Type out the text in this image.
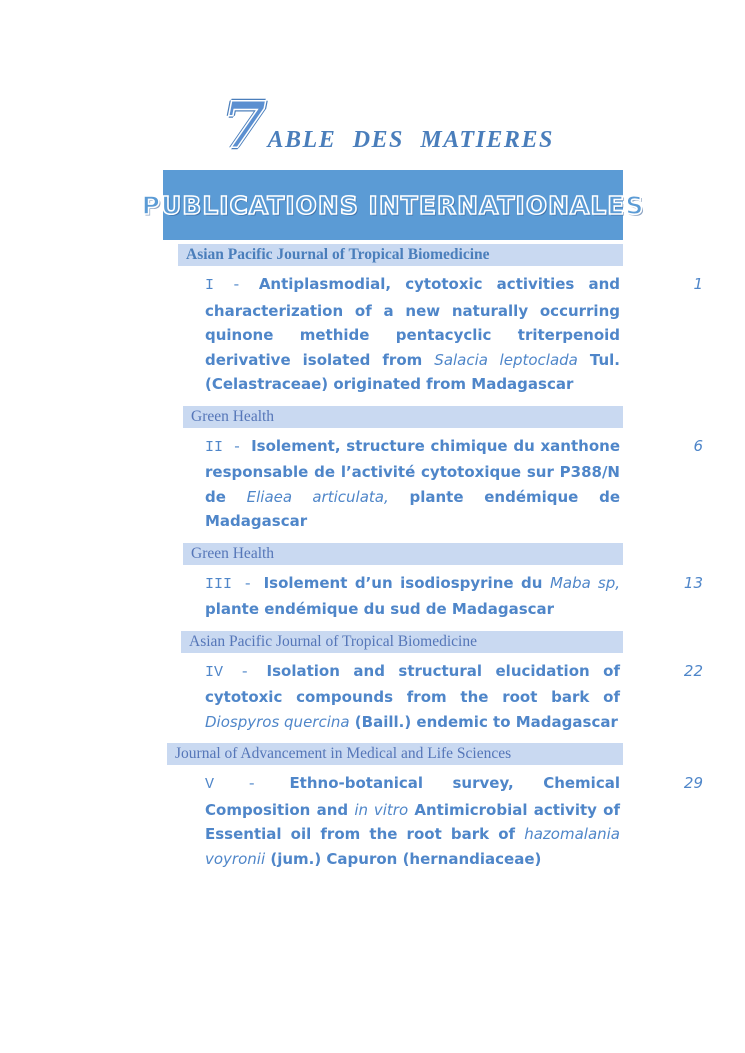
7 ABLE DES MATIERES
PUBLICATIONS INTERNATIONALES
Asian Pacific Journal of Tropical Biomedicine

I - Antiplasmodial, cytotoxic activities and characterization of a new naturally occurring quinone methide pentacyclic triterpenoid derivative isolated from Salacia leptoclada Tul. (Celastraceae) originated from Madagascar

1
Green Health

II - Isolement, structure chimique du xanthone responsable de l’activité cytotoxique sur P388/N de Eliaea articulata, plante endémique de Madagascar

6
Green Health

III - Isolement d’un isodiospyrine du Maba sp, plante endémique du sud de Madagascar

13
Asian Pacific Journal of Tropical Biomedicine

IV - Isolation and structural elucidation of cytotoxic compounds from the root bark of Diospyros quercina (Baill.) endemic to Madagascar

22
Journal of Advancement in Medical and Life Sciences

V - Ethno-botanical survey, Chemical Composition and in vitro Antimicrobial activity of Essential oil from the root bark of hazomalania voyronii (jum.) Capuron (hernandiaceae)

29
